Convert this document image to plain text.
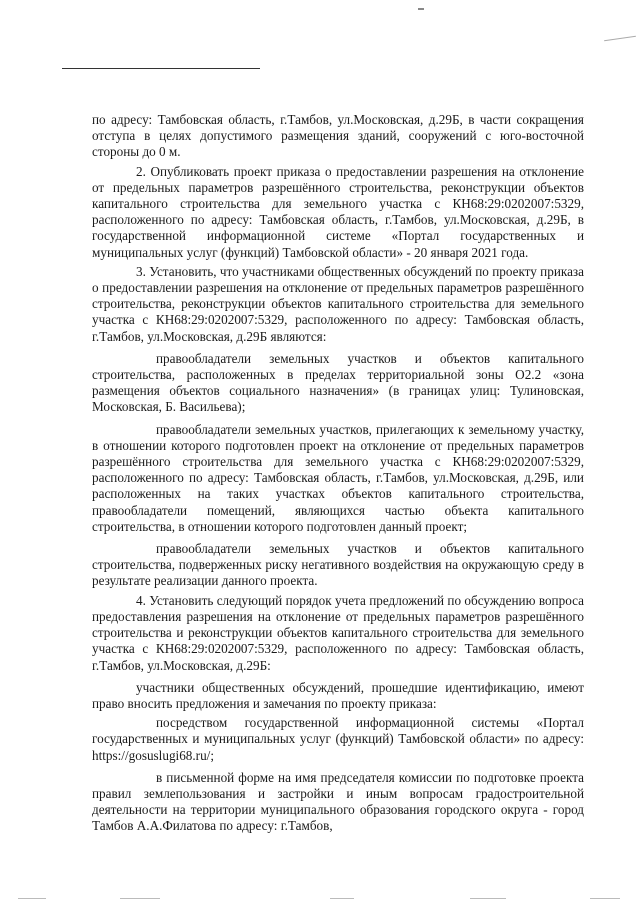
по адресу: Тамбовская область, г.Тамбов, ул.Московская, д.29Б, в части сокращения отступа в целях допустимого размещения зданий, сооружений с юго-восточной стороны до 0 м.

2. Опубликовать проект приказа о предоставлении разрешения на отклонение от предельных параметров разрешённого строительства, реконструкции объектов капитального строительства для земельного участка с КН68:29:0202007:5329, расположенного по адресу: Тамбовская область, г.Тамбов, ул.Московская, д.29Б, в государственной информационной системе «Портал государственных и муниципальных услуг (функций) Тамбовской области» - 20 января 2021 года.

3. Установить, что участниками общественных обсуждений по проекту приказа о предоставлении разрешения на отклонение от предельных параметров разрешённого строительства, реконструкции объектов капитального строительства для земельного участка с КН68:29:0202007:5329, расположенного по адресу: Тамбовская область, г.Тамбов, ул.Московская, д.29Б являются:

правообладатели земельных участков и объектов капитального строительства, расположенных в пределах территориальной зоны О2.2 «зона размещения объектов социального назначения» (в границах улиц: Тулиновская, Московская, Б. Васильева);

правообладатели земельных участков, прилегающих к земельному участку, в отношении которого подготовлен проект на отклонение от предельных параметров разрешённого строительства для земельного участка с КН68:29:0202007:5329, расположенного по адресу: Тамбовская область, г.Тамбов, ул.Московская, д.29Б, или расположенных на таких участках объектов капитального строительства, правообладатели помещений, являющихся частью объекта капитального строительства, в отношении которого подготовлен данный проект;

правообладатели земельных участков и объектов капитального строительства, подверженных риску негативного воздействия на окружающую среду в результате реализации данного проекта.

4. Установить следующий порядок учета предложений по обсуждению вопроса предоставления разрешения на отклонение от предельных параметров разрешённого строительства и реконструкции объектов капитального строительства для земельного участка с КН68:29:0202007:5329, расположенного по адресу: Тамбовская область, г.Тамбов, ул.Московская, д.29Б:

участники общественных обсуждений, прошедшие идентификацию, имеют право вносить предложения и замечания по проекту приказа:

посредством государственной информационной системы «Портал государственных и муниципальных услуг (функций) Тамбовской области» по адресу: https://gosuslugi68.ru/;

в письменной форме на имя председателя комиссии по подготовке проекта правил землепользования и застройки и иным вопросам градостроительной деятельности на территории муниципального образования городского округа - город Тамбов А.А.Филатова по адресу: г.Тамбов,
